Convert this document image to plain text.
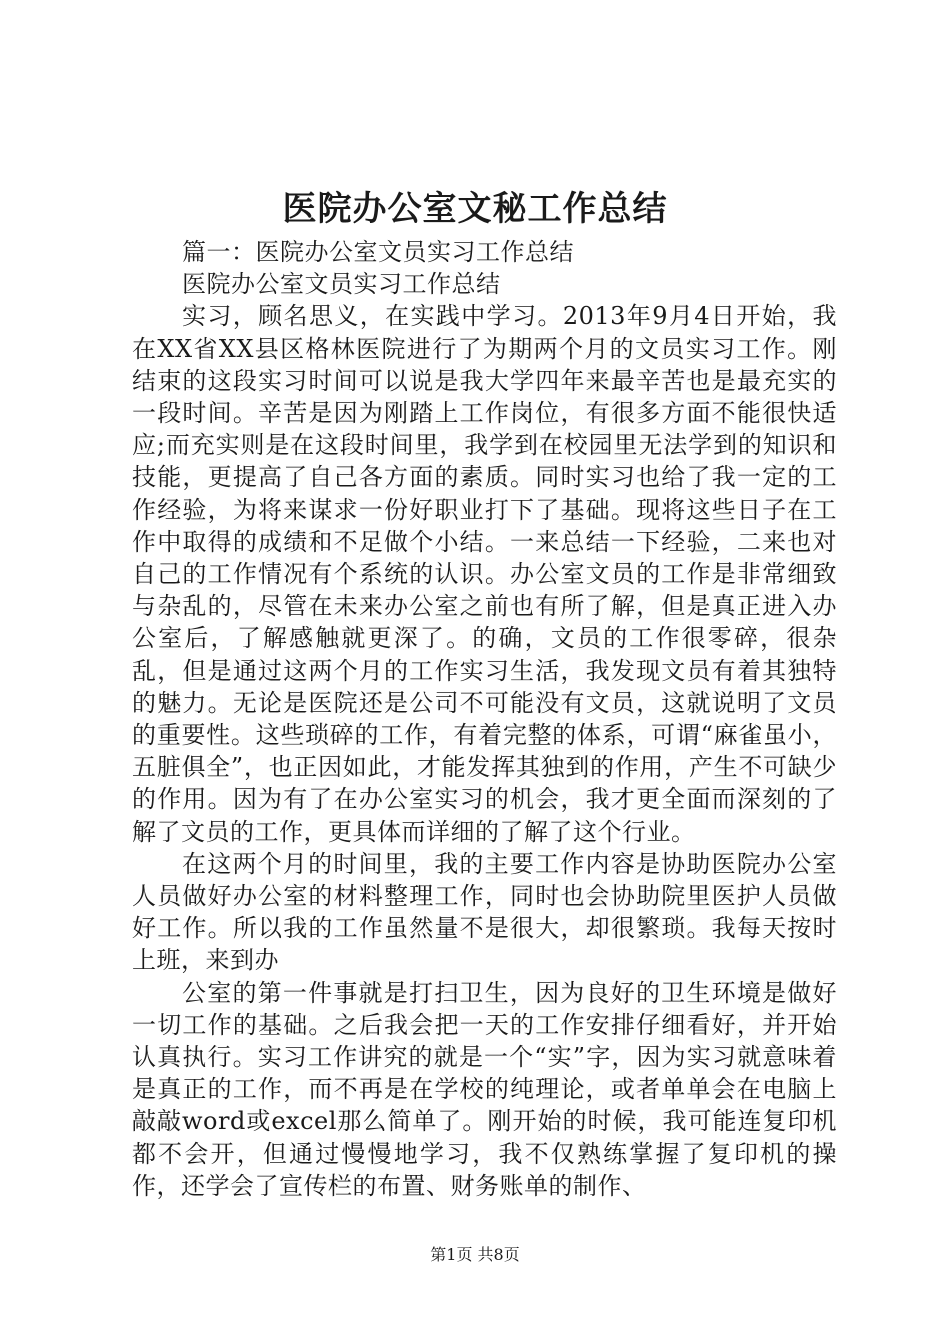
医院办公室文秘工作总结

篇一：医院办公室文员实习工作总结

医院办公室文员实习工作总结

实习，顾名思义，在实践中学习。2013年9月4日开始，我在XX省XX县区格林医院进行了为期两个月的文员实习工作。刚结束的这段实习时间可以说是我大学四年来最辛苦也是最充实的一段时间。辛苦是因为刚踏上工作岗位，有很多方面不能很快适应;而充实则是在这段时间里，我学到在校园里无法学到的知识和技能，更提高了自己各方面的素质。同时实习也给了我一定的工作经验，为将来谋求一份好职业打下了基础。现将这些日子在工作中取得的成绩和不足做个小结。一来总结一下经验，二来也对自己的工作情况有个系统的认识。办公室文员的工作是非常细致与杂乱的，尽管在未来办公室之前也有所了解，但是真正进入办公室后，了解感触就更深了。的确，文员的工作很零碎，很杂乱，但是通过这两个月的工作实习生活，我发现文员有着其独特的魅力。无论是医院还是公司不可能没有文员，这就说明了文员的重要性。这些琐碎的工作，有着完整的体系，可谓“麻雀虽小，五脏俱全”，也正因如此，才能发挥其独到的作用，产生不可缺少的作用。因为有了在办公室实习的机会，我才更全面而深刻的了解了文员的工作，更具体而详细的了解了这个行业。

在这两个月的时间里，我的主要工作内容是协助医院办公室人员做好办公室的材料整理工作，同时也会协助院里医护人员做好工作。所以我的工作虽然量不是很大，却很繁琐。我每天按时上班，来到办

公室的第一件事就是打扫卫生，因为良好的卫生环境是做好一切工作的基础。之后我会把一天的工作安排仔细看好，并开始认真执行。实习工作讲究的就是一个“实”字，因为实习就意味着是真正的工作，而不再是在学校的纯理论，或者单单会在电脑上敲敲word或excel那么简单了。刚开始的时候，我可能连复印机都不会开，但通过慢慢地学习，我不仅熟练掌握了复印机的操作，还学会了宣传栏的布置、财务账单的制作、

第1页 共8页
